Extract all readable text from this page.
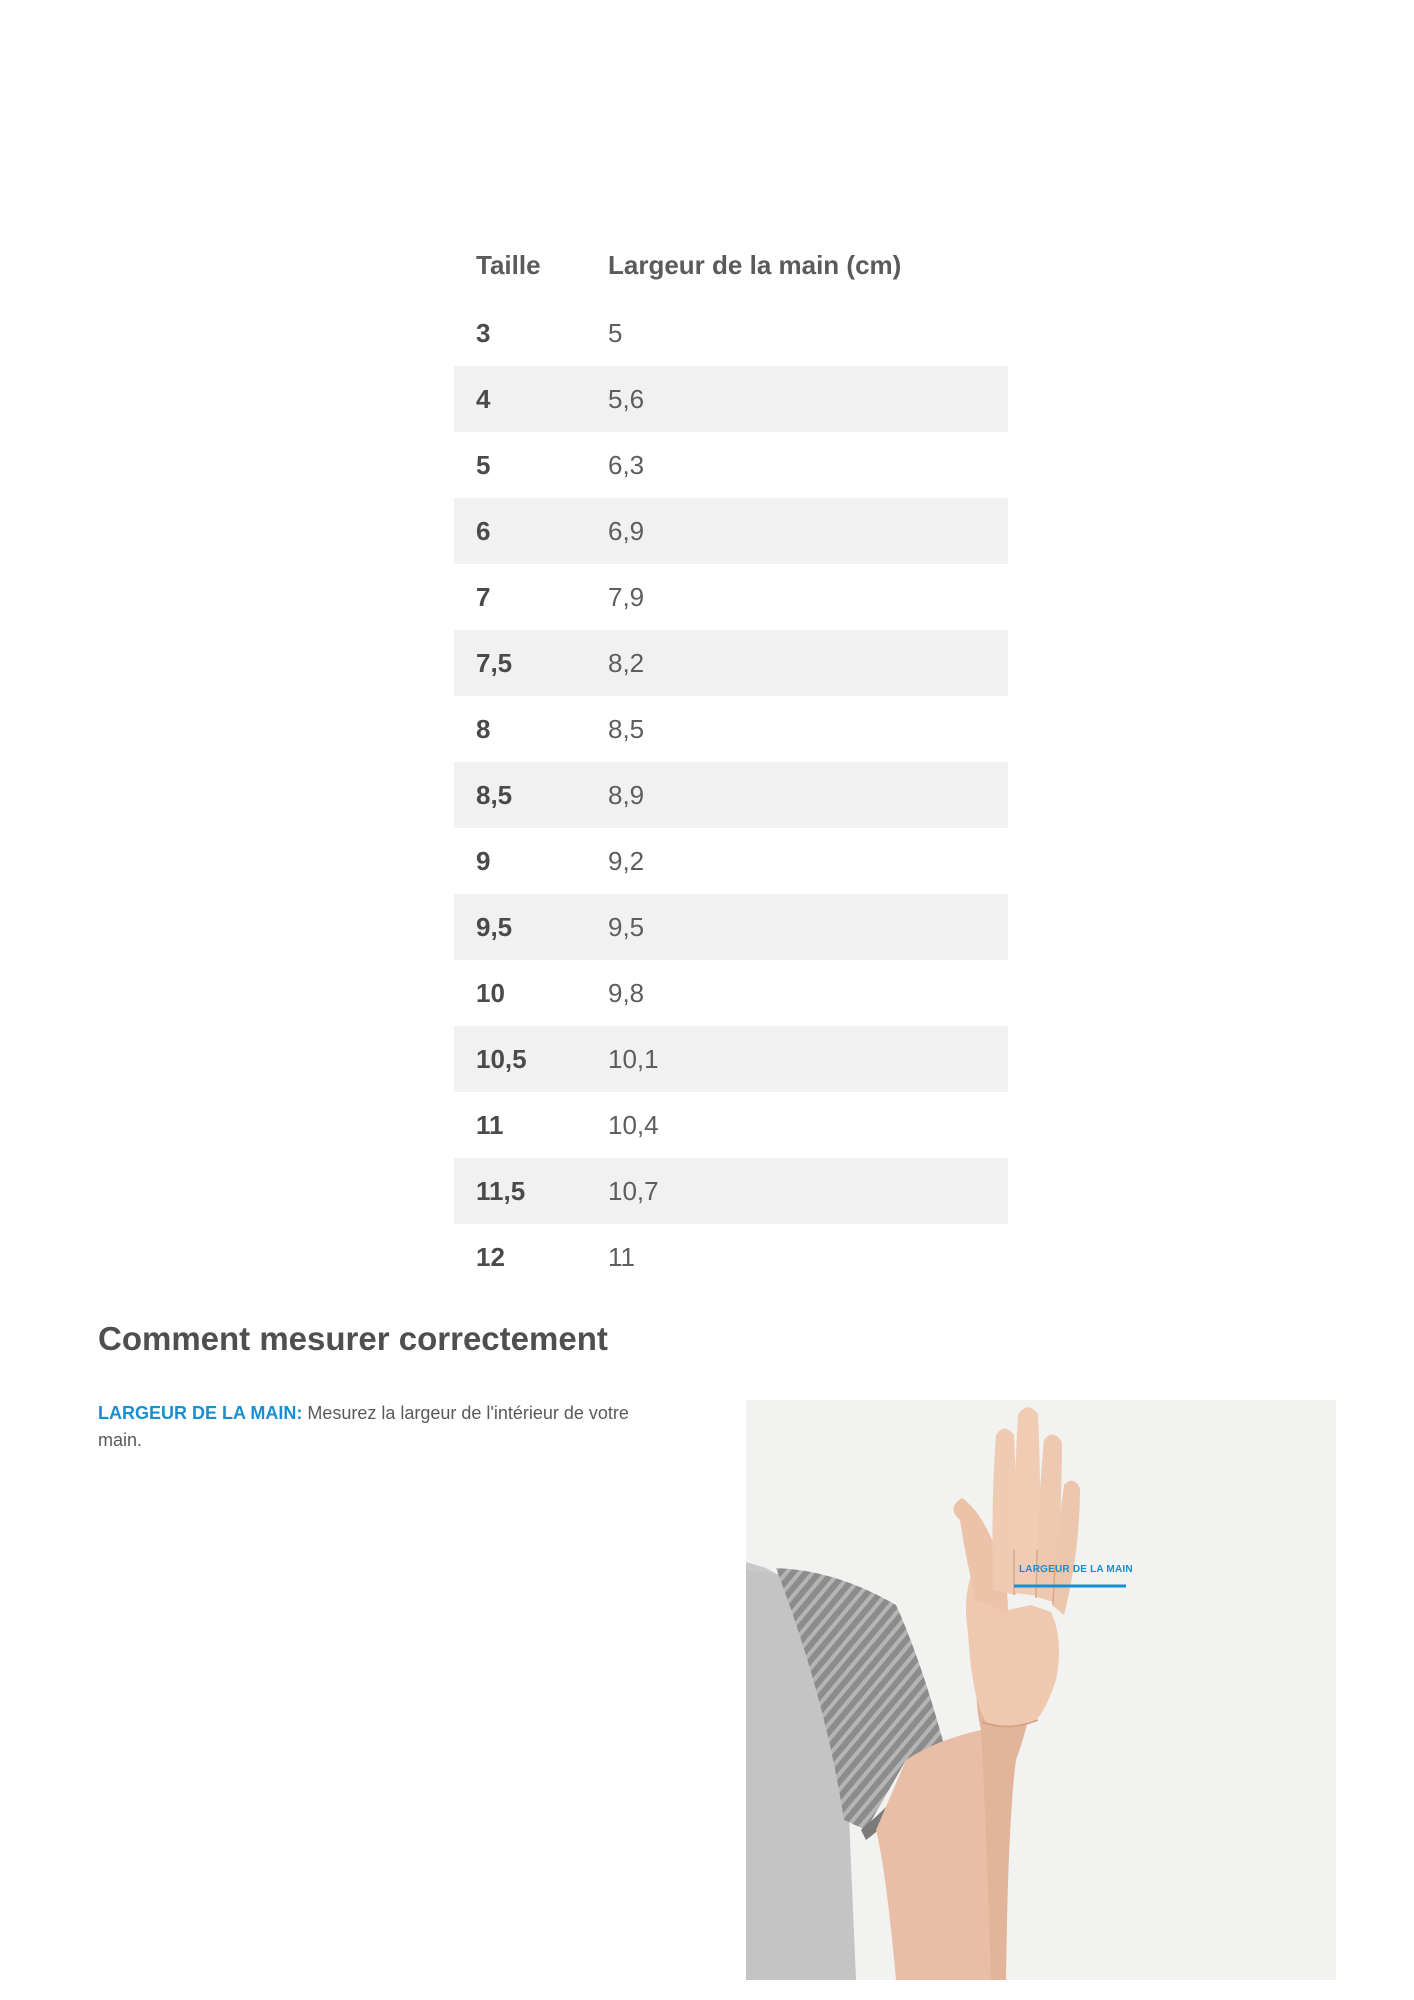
Taille	Largeur de la main (cm)
3	5
4	5,6
5	6,3
6	6,9
7	7,9
7,5	8,2
8	8,5
8,5	8,9
9	9,2
9,5	9,5
10	9,8
10,5	10,1
11	10,4
11,5	10,7
12	11
Comment mesurer correctement

LARGEUR DE LA MAIN: Mesurez la largeur de l'intérieur de votre main.

LARGEUR DE LA MAIN
